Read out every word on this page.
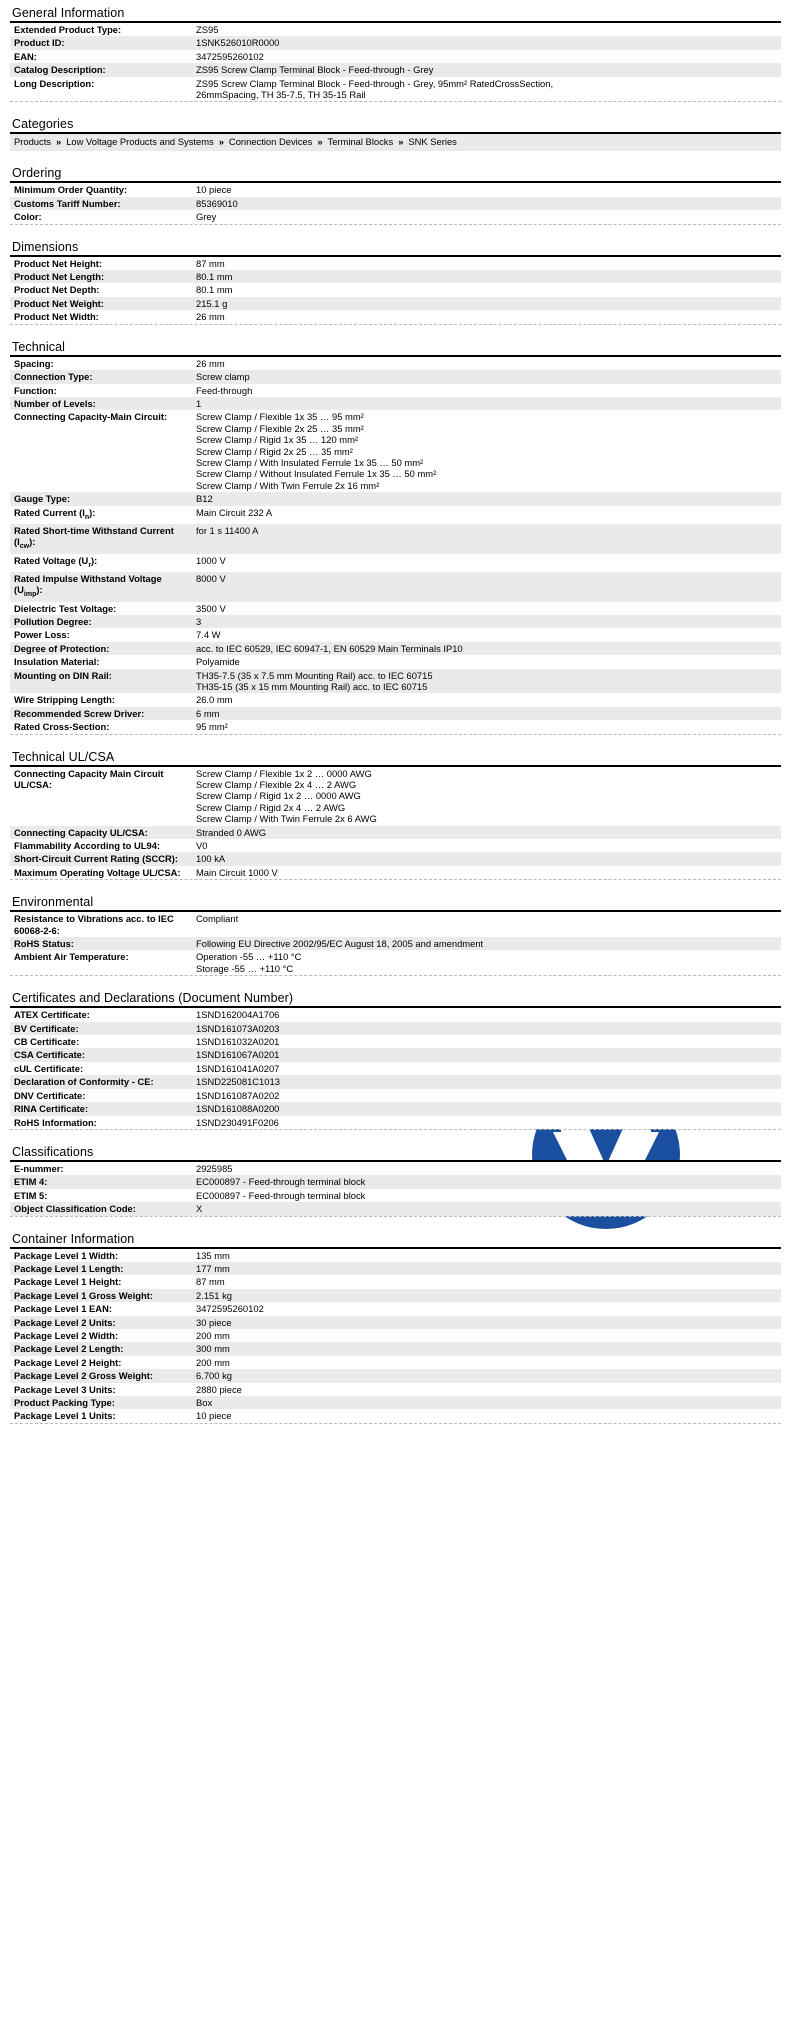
爱泽工业
IZE INDUSTRIES
General Information
Extended Product Type:	ZS95
Product ID:	1SNK526010R0000
EAN:	3472595260102
Catalog Description:	ZS95 Screw Clamp Terminal Block - Feed-through - Grey
Long Description:	ZS95 Screw Clamp Terminal Block - Feed-through - Grey, 95mm² RatedCrossSection,
26mmSpacing, TH 35-7.5, TH 35-15 Rail
Categories
Products » Low Voltage Products and Systems » Connection Devices » Terminal Blocks » SNK Series
Ordering
Minimum Order Quantity:	10 piece
Customs Tariff Number:	85369010
Color:	Grey
Dimensions
Product Net Height:	87 mm
Product Net Length:	80.1 mm
Product Net Depth:	80.1 mm
Product Net Weight:	215.1 g
Product Net Width:	26 mm
Technical
Spacing:	26 mm
Connection Type:	Screw clamp
Function:	Feed-through
Number of Levels:	1
Connecting Capacity-Main Circuit:	Screw Clamp / Flexible 1x 35 … 95 mm²
Screw Clamp / Flexible 2x 25 … 35 mm²
Screw Clamp / Rigid 1x 35 … 120 mm²
Screw Clamp / Rigid 2x 25 … 35 mm²
Screw Clamp / With Insulated Ferrule 1x 35 … 50 mm²
Screw Clamp / Without Insulated Ferrule 1x 35 … 50 mm²
Screw Clamp / With Twin Ferrule 2x 16 mm²

Gauge Type:	B12
Rated Current $(I_n)$:	Main Circuit 232 A
Rated Short-time Withstand Current $(I_{cw})$:	for 1 s 11400 A
Rated Voltage $(U_r)$:	1000 V
Rated Impulse Withstand Voltage $(U_{imp})$:	8000 V
Dielectric Test Voltage:	3500 V
Pollution Degree:	3
Power Loss:	7.4 W
Degree of Protection:	acc. to IEC 60529, IEC 60947-1, EN 60529 Main Terminals IP10
Insulation Material:	Polyamide
Mounting on DIN Rail:	TH35-7.5 (35 x 7.5 mm Mounting Rail) acc. to IEC 60715
TH35-15 (35 x 15 mm Mounting Rail) acc. to IEC 60715

Wire Stripping Length:	26.0 mm
Recommended Screw Driver:	6 mm
Rated Cross-Section:	95 mm²
Technical UL/CSA
Connecting Capacity Main Circuit UL/CSA:	Screw Clamp / Flexible 1x 2 … 0000 AWG
Screw Clamp / Flexible 2x 4 … 2 AWG
Screw Clamp / Rigid 1x 2 … 0000 AWG
Screw Clamp / Rigid 2x 4 … 2 AWG
Screw Clamp / With Twin Ferrule 2x 6 AWG

Connecting Capacity UL/CSA:	Stranded 0 AWG
Flammability According to UL94:	V0
Short-Circuit Current Rating (SCCR):	100 kA
Maximum Operating Voltage UL/CSA:	Main Circuit 1000 V
Environmental
Resistance to Vibrations acc. to IEC 60068-2-6:	Compliant
RoHS Status:	Following EU Directive 2002/95/EC August 18, 2005 and amendment
Ambient Air Temperature:	Operation -55 … +110 °C
Storage -55 … +110 °C
Certificates and Declarations (Document Number)
ATEX Certificate:	1SND162004A1706
BV Certificate:	1SND161073A0203
CB Certificate:	1SND161032A0201
CSA Certificate:	1SND161067A0201
cUL Certificate:	1SND161041A0207
Declaration of Conformity - CE:	1SND225081C1013
DNV Certificate:	1SND161087A0202
RINA Certificate:	1SND161088A0200
RoHS Information:	1SND230491F0206
Classifications
E-nummer:	2925985
ETIM 4:	EC000897 - Feed-through terminal block
ETIM 5:	EC000897 - Feed-through terminal block
Object Classification Code:	X
Container Information
Package Level 1 Width:	135 mm
Package Level 1 Length:	177 mm
Package Level 1 Height:	87 mm
Package Level 1 Gross Weight:	2.151 kg
Package Level 1 EAN:	3472595260102
Package Level 2 Units:	30 piece
Package Level 2 Width:	200 mm
Package Level 2 Length:	300 mm
Package Level 2 Height:	200 mm
Package Level 2 Gross Weight:	6.700 kg
Package Level 3 Units:	2880 piece
Product Packing Type:	Box
Package Level 1 Units:	10 piece
